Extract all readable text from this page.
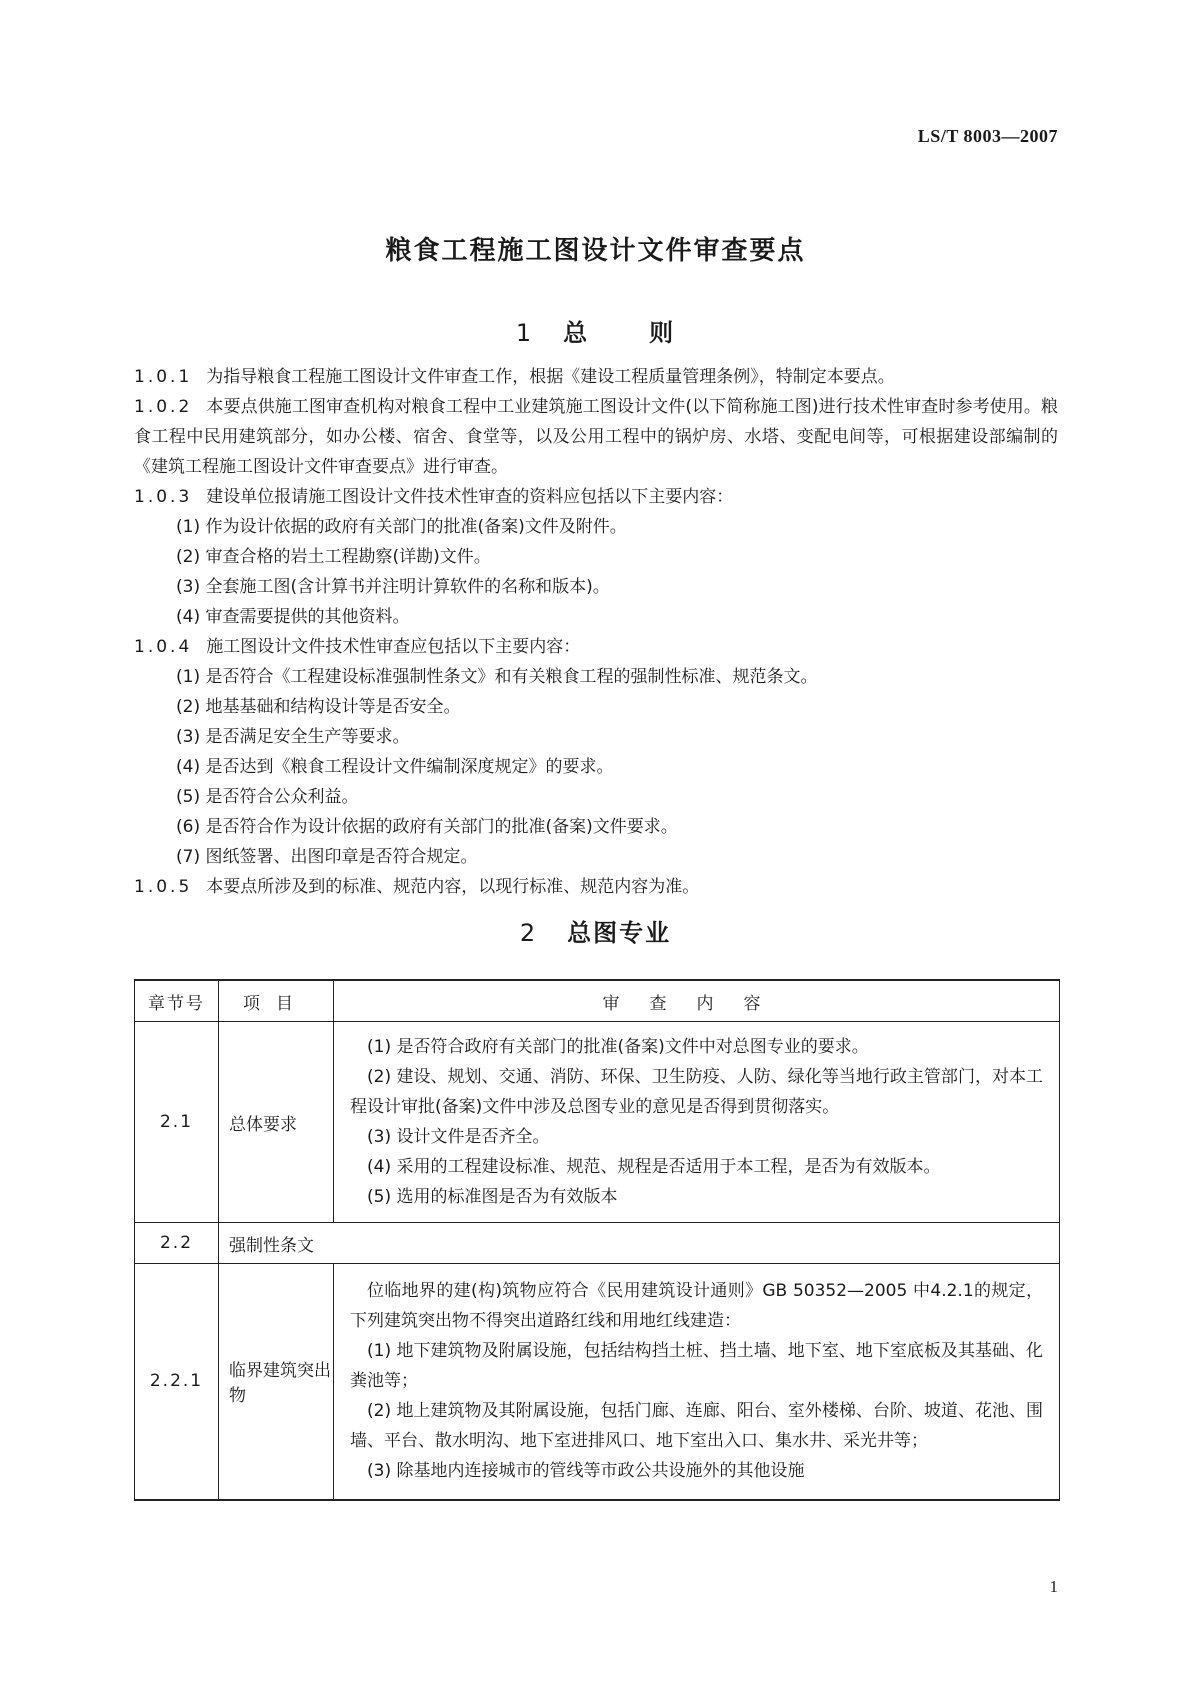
LS/T 8003—2007
粮食工程施工图设计文件审查要点
1 总	则

1.0.1 为指导粮食工程施工图设计文件审查工作，根据《建设工程质量管理条例》，特制定本要点。

1.0.2 本要点供施工图审查机构对粮食工程中工业建筑施工图设计文件(以下简称施工图)进行技术性审查时参考使用。粮食工程中民用建筑部分，如办公楼、宿舍、食堂等，以及公用工程中的锅炉房、水塔、变配电间等，可根据建设部编制的《建筑工程施工图设计文件审查要点》进行审查。

1.0.3 建设单位报请施工图设计文件技术性审查的资料应包括以下主要内容：

(1) 作为设计依据的政府有关部门的批准(备案)文件及附件。

(2) 审查合格的岩土工程勘察(详勘)文件。

(3) 全套施工图(含计算书并注明计算软件的名称和版本)。

(4) 审查需要提供的其他资料。

1.0.4 施工图设计文件技术性审查应包括以下主要内容：

(1) 是否符合《工程建设标准强制性条文》和有关粮食工程的强制性标准、规范条文。

(2) 地基基础和结构设计等是否安全。

(3) 是否满足安全生产等要求。

(4) 是否达到《粮食工程设计文件编制深度规定》的要求。

(5) 是否符合公众利益。

(6) 是否符合作为设计依据的政府有关部门的批准(备案)文件要求。

(7) 图纸签署、出图印章是否符合规定。

1.0.5 本要点所涉及到的标准、规范内容，以现行标准、规范内容为准。

2 总图专业
章节号	项目	审查内容
2.1	总体要求	(1) 是否符合政府有关部门的批准(备案)文件中对总图专业的要求。

(2) 建设、规划、交通、消防、环保、卫生防疫、人防、绿化等当地行政主管部门，对本工程设计审批(备案)文件中涉及总图专业的意见是否得到贯彻落实。

(3) 设计文件是否齐全。

(4) 采用的工程建设标准、规范、规程是否适用于本工程，是否为有效版本。

(5) 选用的标准图是否为有效版本

2.2	强制性条文	
2.2.1	临界建筑突出物	位临地界的建(构)筑物应符合《民用建筑设计通则》GB 50352—2005 中4.2.1的规定，下列建筑突出物不得突出道路红线和用地红线建造：

(1) 地下建筑物及附属设施，包括结构挡土桩、挡土墙、地下室、地下室底板及其基础、化粪池等；

(2) 地上建筑物及其附属设施，包括门廊、连廊、阳台、室外楼梯、台阶、坡道、花池、围墙、平台、散水明沟、地下室进排风口、地下室出入口、集水井、采光井等；

(3) 除基地内连接城市的管线等市政公共设施外的其他设施

1
